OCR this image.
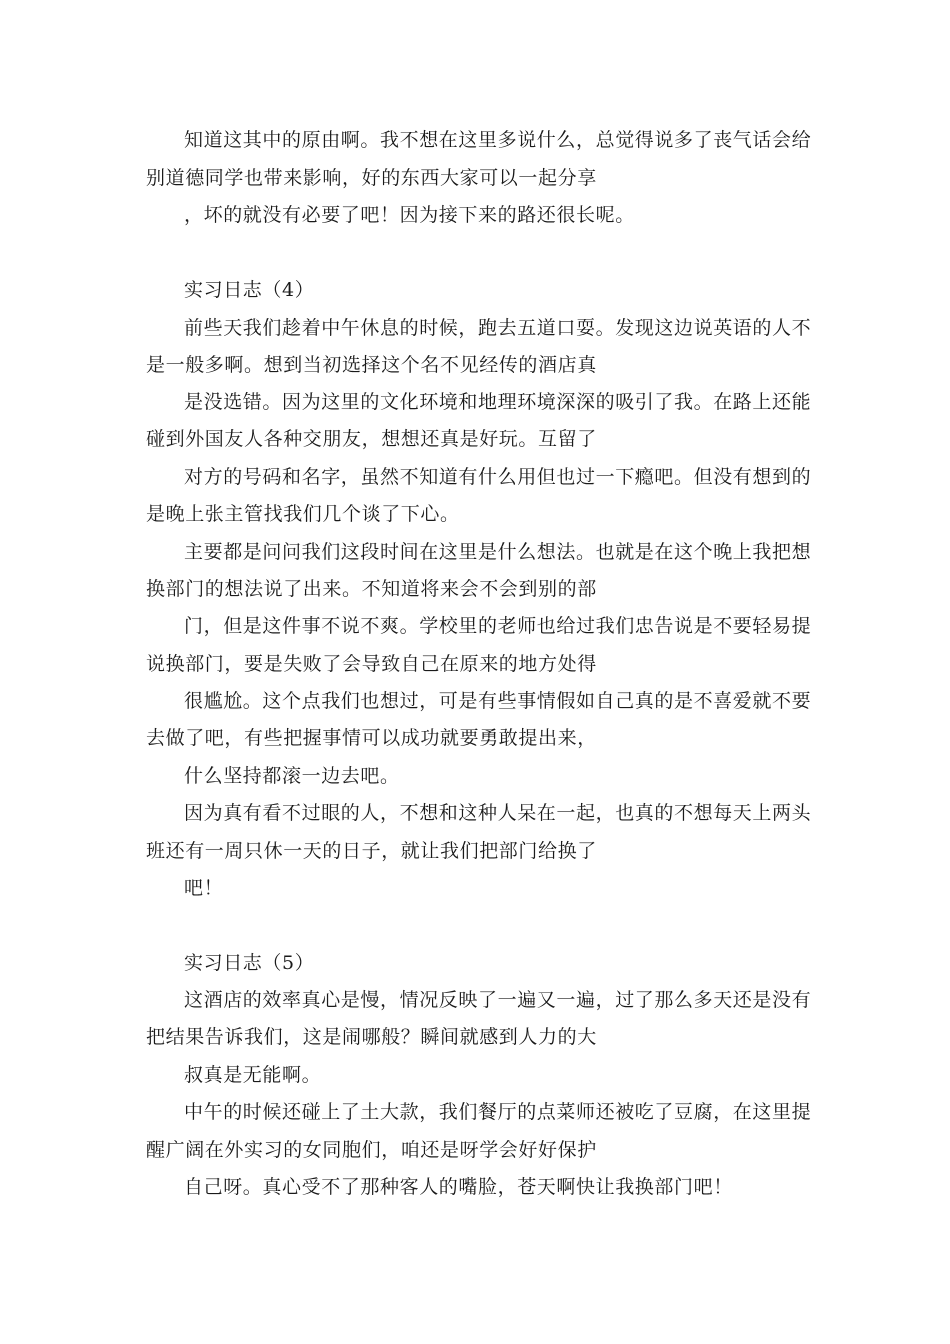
知道这其中的原由啊。我不想在这里多说什么，总觉得说多了丧气话会给
别道德同学也带来影响，好的东西大家可以一起分享
，坏的就没有必要了吧！因为接下来的路还很长呢。
实习日志（4）
前些天我们趁着中午休息的时候，跑去五道口耍。发现这边说英语的人不
是一般多啊。想到当初选择这个名不见经传的酒店真
是没选错。因为这里的文化环境和地理环境深深的吸引了我。在路上还能
碰到外国友人各种交朋友，想想还真是好玩。互留了
对方的号码和名字，虽然不知道有什么用但也过一下瘾吧。但没有想到的
是晚上张主管找我们几个谈了下心。
主要都是问问我们这段时间在这里是什么想法。也就是在这个晚上我把想
换部门的想法说了出来。不知道将来会不会到别的部
门，但是这件事不说不爽。学校里的老师也给过我们忠告说是不要轻易提
说换部门，要是失败了会导致自己在原来的地方处得
很尴尬。这个点我们也想过，可是有些事情假如自己真的是不喜爱就不要
去做了吧，有些把握事情可以成功就要勇敢提出来，
什么坚持都滚一边去吧。
因为真有看不过眼的人，不想和这种人呆在一起，也真的不想每天上两头
班还有一周只休一天的日子，就让我们把部门给换了
吧！
实习日志（5）
这酒店的效率真心是慢，情况反映了一遍又一遍，过了那么多天还是没有
把结果告诉我们，这是闹哪般？瞬间就感到人力的大
叔真是无能啊。
中午的时候还碰上了土大款，我们餐厅的点菜师还被吃了豆腐，在这里提
醒广阔在外实习的女同胞们，咱还是呀学会好好保护
自己呀。真心受不了那种客人的嘴脸，苍天啊快让我换部门吧！
